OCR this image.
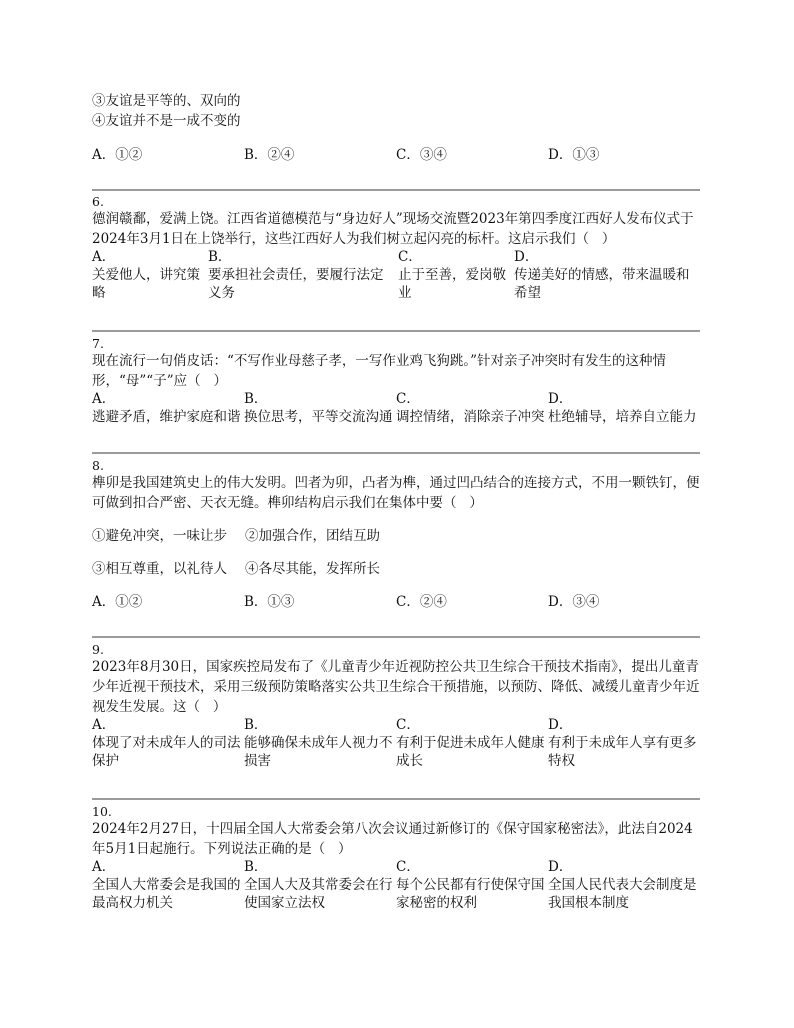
③友谊是平等的、双向的
④友谊并不是一成不变的
A．①②	B．②④	C．③④	D．①③
6.
德润赣鄱，爱满上饶。江西省道德模范与“身边好人”现场交流暨2023年第四季度江西好人发布仪式于2024年3月1日在上饶举行，这些江西好人为我们树立起闪亮的标杆。这启示我们（   ）
A．
关爱他人，讲究策略
B．
要承担社会责任，要履行法定义务
C．
止于至善，爱岗敬业
D．
传递美好的情感，带来温暖和希望
7.
现在流行一句俏皮话：“不写作业母慈子孝，一写作业鸡飞狗跳。”针对亲子冲突时有发生的这种情形，“母”“子”应（   ）
A．
逃避矛盾，维护家庭和谐
B．
换位思考，平等交流沟通
C．
调控情绪，消除亲子冲突
D．
杜绝辅导，培养自立能力
8.
榫卯是我国建筑史上的伟大发明。凹者为卯，凸者为榫，通过凹凸结合的连接方式，不用一颗铁钉，便可做到扣合严密、天衣无缝。榫卯结构启示我们在集体中要（   ）
①避免冲突，一味让步	②加强合作，团结互助
③相互尊重，以礼待人	④各尽其能，发挥所长
A．①②	B．①③	C．②④	D．③④
9.
2023年8月30日，国家疾控局发布了《儿童青少年近视防控公共卫生综合干预技术指南》，提出儿童青少年近视干预技术，采用三级预防策略落实公共卫生综合干预措施，以预防、降低、减缓儿童青少年近视发生发展。这（   ）
A．
体现了对未成年人的司法保护
B．
能够确保未成年人视力不损害
C．
有利于促进未成年人健康成长
D．
有利于未成年人享有更多特权
10.
2024年2月27日，十四届全国人大常委会第八次会议通过新修订的《保守国家秘密法》，此法自2024年5月1日起施行。下列说法正确的是（   ）
A．
全国人大常委会是我国的最高权力机关
B．
全国人大及其常委会在行使国家立法权
C．
每个公民都有行使保守国家秘密的权利
D．
全国人民代表大会制度是我国根本制度
